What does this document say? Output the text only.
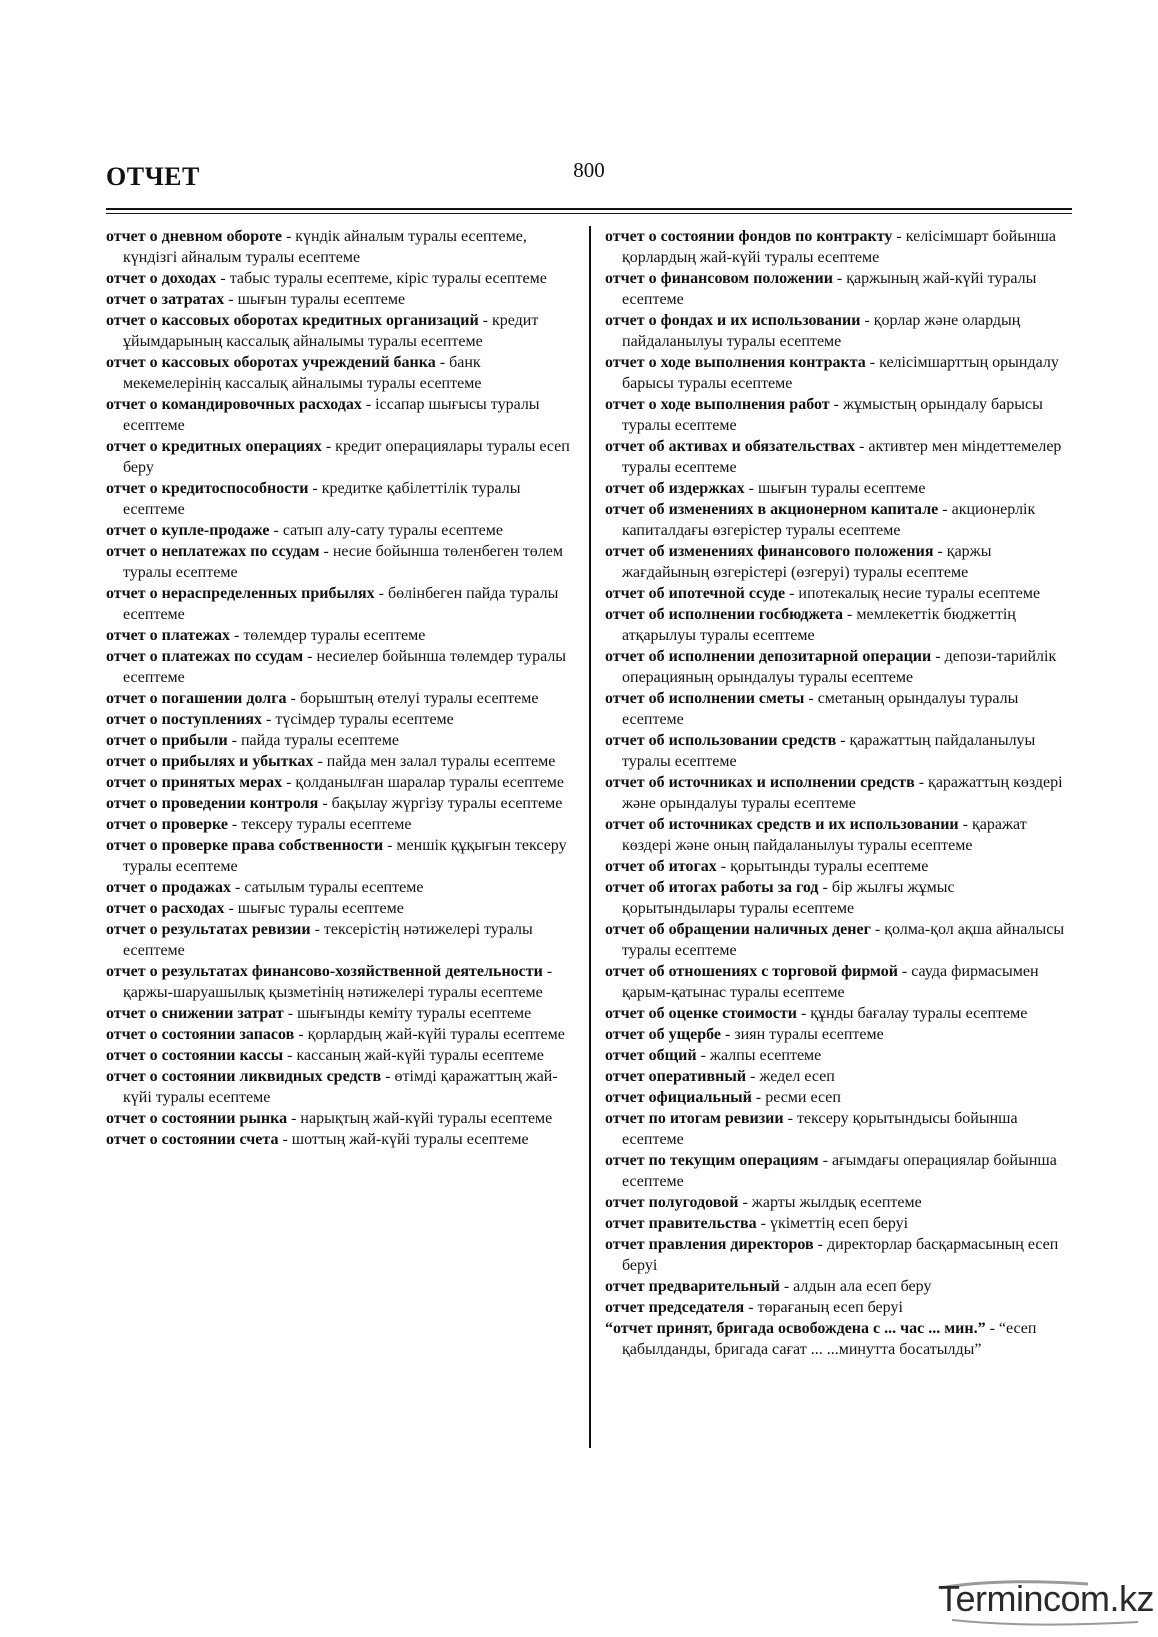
ОТЧЕТ	800

отчет о дневном обороте - күндік айналым туралы есептеме, күндізгі айналым туралы есептеме

отчет о доходах - табыс туралы есептеме, кіріс туралы есептеме

отчет о затратах - шығын туралы есептеме

отчет о кассовых оборотах кредитных организаций - кредит ұйымдарының кассалық айналымы туралы есептеме

отчет о кассовых оборотах учреждений банка - банк мекемелерінің кассалық айналымы туралы есептеме

отчет о командировочных расходах - іссапар шығысы туралы есептеме

отчет о кредитных операциях - кредит операциялары туралы есеп беру

отчет о кредитоспособности - кредитке қабілеттілік туралы есептеме

отчет о купле-продаже - сатып алу-сату туралы есептеме

отчет о неплатежах по ссудам - несие бойынша төленбеген төлем туралы есептеме

отчет о нераспределенных прибылях - бөлінбеген пайда туралы есептеме

отчет о платежах - төлемдер туралы есептеме

отчет о платежах по ссудам - несиелер бойынша төлемдер туралы есептеме

отчет о погашении долга - борыштың өтелуі туралы есептеме

отчет о поступлениях - түсімдер туралы есептеме

отчет о прибыли - пайда туралы есептеме

отчет о прибылях и убытках - пайда мен залал туралы есептеме

отчет о принятых мерах - қолданылған шаралар туралы есептеме

отчет о проведении контроля - бақылау жүргізу туралы есептеме

отчет о проверке - тексеру туралы есептеме

отчет о проверке права собственности - меншік құқығын тексеру туралы есептеме

отчет о продажах - сатылым туралы есептеме

отчет о расходах - шығыс туралы есептеме

отчет о результатах ревизии - тексерістің нәтижелері туралы есептеме

отчет о результатах финансово-хозяйственной деятельности - қаржы-шаруашылық қызметінің нәтижелері туралы есептеме

отчет о снижении затрат - шығынды кеміту туралы есептеме

отчет о состоянии запасов - қорлардың жай-күйі туралы есептеме

отчет о состоянии кассы - кассаның жай-күйі туралы есептеме

отчет о состоянии ликвидных средств - өтімді қаражаттың жай-күйі туралы есептеме

отчет о состоянии рынка - нарықтың жай-күйі туралы есептеме

отчет о состоянии счета - шоттың жай-күйі туралы есептеме

отчет о состоянии фондов по контракту - келісімшарт бойынша қорлардың жай-күйі туралы есептеме

отчет о финансовом положении - қаржының жай-күйі туралы есептеме

отчет о фондах и их использовании - қорлар және олардың пайдаланылуы туралы есептеме

отчет о ходе выполнения контракта - келісімшарттың орындалу барысы туралы есептеме

отчет о ходе выполнения работ - жұмыстың орындалу барысы туралы есептеме

отчет об активах и обязательствах - активтер мен міндеттемелер туралы есептеме

отчет об издержках - шығын туралы есептеме

отчет об изменениях в акционерном капитале - акционерлік капиталдағы өзгерістер туралы есептеме

отчет об изменениях финансового положения - қаржы жағдайының өзгерістері (өзгеруі) туралы есептеме

отчет об ипотечной ссуде - ипотекалық несие туралы есептеме

отчет об исполнении госбюджета - мемлекеттік бюджеттің атқарылуы туралы есептеме

отчет об исполнении депозитарной операции - депози-тарийлік операцияның орындалуы туралы есептеме

отчет об исполнении сметы - сметаның орындалуы туралы есептеме

отчет об использовании средств - қаражаттың пайдаланылуы туралы есептеме

отчет об источниках и исполнении средств - қаражаттың көздері және орындалуы туралы есептеме

отчет об источниках средств и их использовании - қаражат көздері және оның пайдаланылуы туралы есептеме

отчет об итогах - қорытынды туралы есептеме

отчет об итогах работы за год - бір жылғы жұмыс қорытындылары туралы есептеме

отчет об обращении наличных денег - қолма-қол ақша айналысы туралы есептеме

отчет об отношениях с торговой фирмой - сауда фирмасымен қарым-қатынас туралы есептеме

отчет об оценке стоимости - құнды бағалау туралы есептеме

отчет об ущербе - зиян туралы есептеме

отчет общий - жалпы есептеме

отчет оперативный - жедел есеп

отчет официальный - ресми есеп

отчет по итогам ревизии - тексеру қорытындысы бойынша есептеме

отчет по текущим операциям - ағымдағы операциялар бойынша есептеме

отчет полугодовой - жарты жылдық есептеме

отчет правительства - үкіметтің есеп беруі

отчет правления директоров - директорлар басқармасының есеп беруі

отчет предварительный - алдын ала есеп беру

отчет председателя - төрағаның есеп беруі

“отчет принят, бригада освобождена с ... час ... мин.” - “есеп қабылданды, бригада сағат ... ...минутта босатылды”

Termincom.kz
